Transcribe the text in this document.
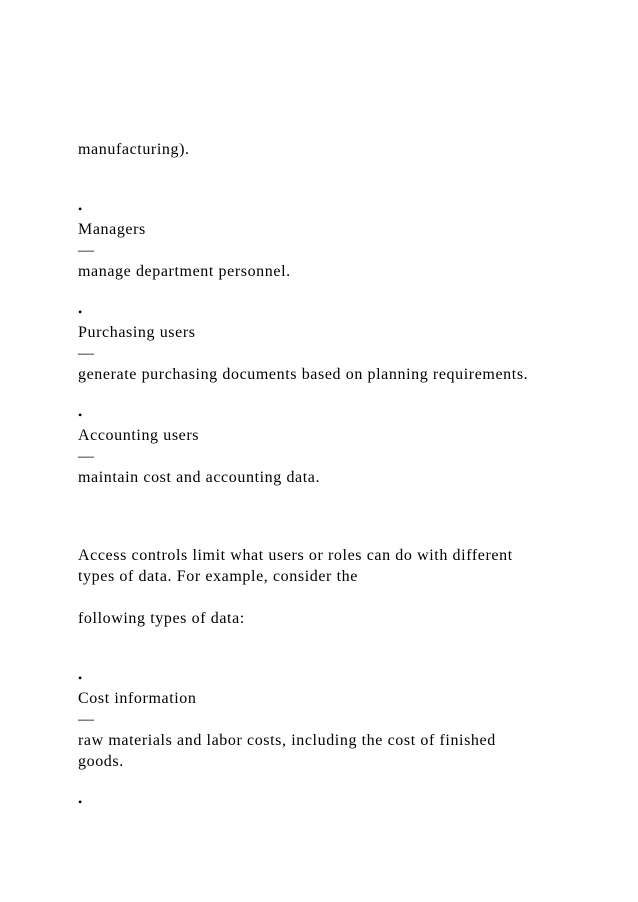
manufacturing).
•
Managers
—
manage department personnel.
•
Purchasing users
—
generate purchasing documents based on planning requirements.
•
Accounting users
—
maintain cost and accounting data.
Access controls limit what users or roles can do with different
types of data. For example, consider the
following types of data:
•
Cost information
—
raw materials and labor costs, including the cost of finished
goods.
•
